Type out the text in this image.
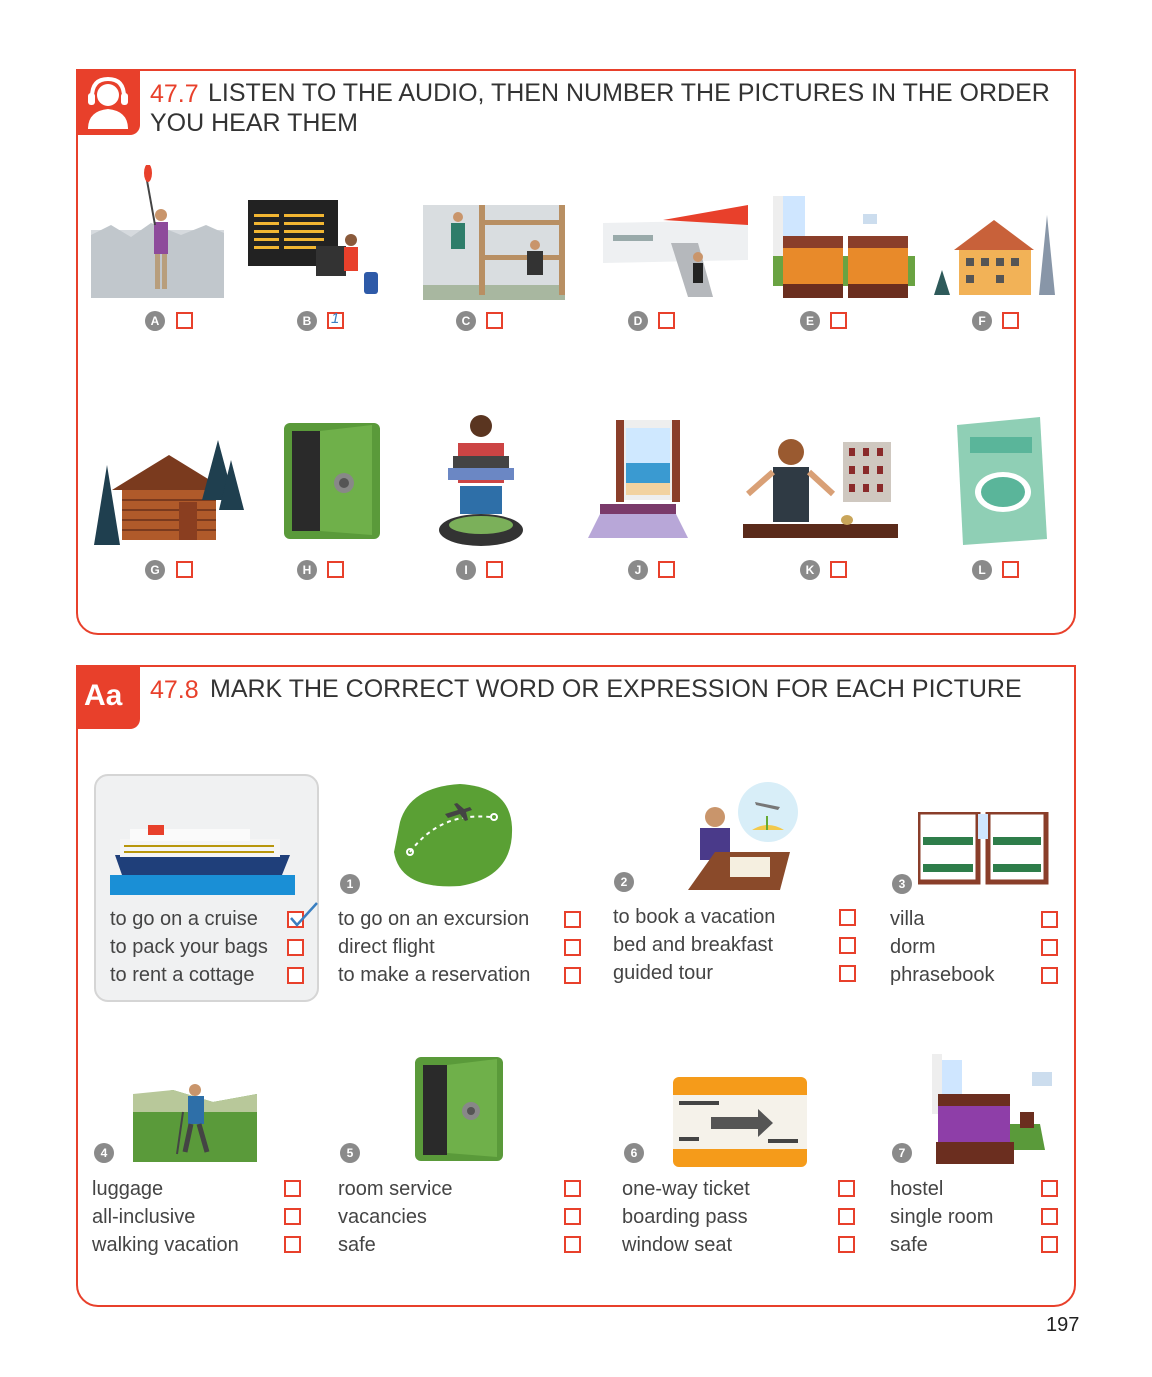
47.7 LISTEN TO THE AUDIO, THEN NUMBER THE PICTURES IN THE ORDER
YOU HEAR THEM
A	B	1	C	D	E	F
G	H	I	J	K	L
Aa 47.8 MARK THE CORRECT WORD OR EXPRESSION FOR EACH PICTURE
to go on a cruise
to pack your bags
to rent a cottage
1
to go on an excursion
direct flight
to make a reservation
2
to book a vacation
bed and breakfast
guided tour
3
villa
dorm
phrasebook
4
luggage
all-inclusive
walking vacation
5
room service
vacancies
safe
6
one-way ticket
boarding pass
window seat
7
hostel
single room
safe
197
